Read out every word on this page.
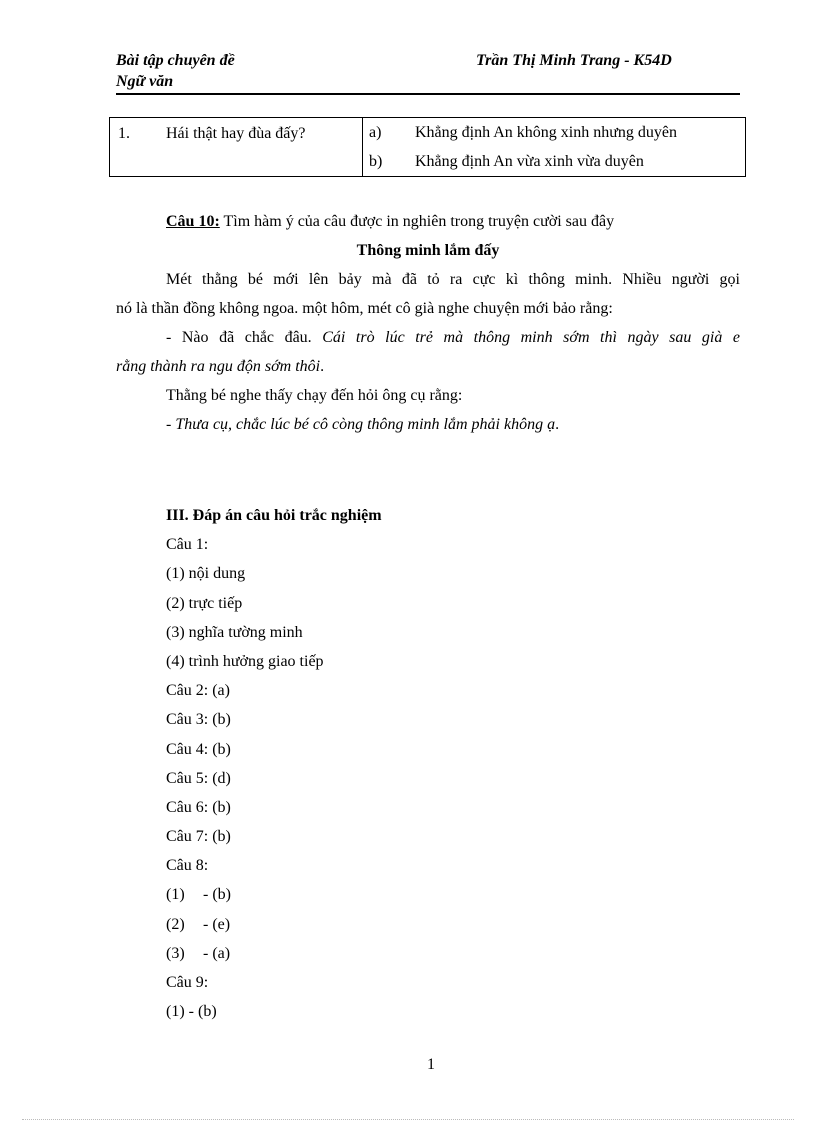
Bài tập chuyên đề
Ngữ văn
Trần Thị Minh Trang - K54D
1.	Hái thật hay đùa đấy?	a)	Khẳng định An không xinh nhưng duyên
b)	Khẳng định An vừa xinh vừa duyên
Câu 10: Tìm hàm ý của câu được in nghiên trong truyện cười sau đây
Thông minh lắm đấy
Mét thằng bé mới lên bảy mà đã tỏ ra cực kì thông minh. Nhiều người gọi
nó là thần đồng không ngoa. một hôm, mét cô già nghe chuyện mới bảo rằng:
- Nào đã chắc đâu. Cái trò lúc trẻ mà thông minh sớm thì ngày sau già e
rằng thành ra ngu độn sớm thôi.
Thằng bé nghe thấy chạy đến hỏi ông cụ rằng:
- Thưa cụ, chắc lúc bé cô còng thông minh lắm phải không ạ.
III. Đáp án câu hỏi trắc nghiệm
Câu 1:
(1) nội dung
(2) trực tiếp
(3) nghĩa tường minh
(4) trình hưởng giao tiếp
Câu 2: (a)
Câu 3: (b)
Câu 4: (b)
Câu 5: (d)
Câu 6: (b)
Câu 7: (b)
Câu 8:
(1) - (b)
(2) - (e)
(3) - (a)
Câu 9:
(1) - (b)
1
